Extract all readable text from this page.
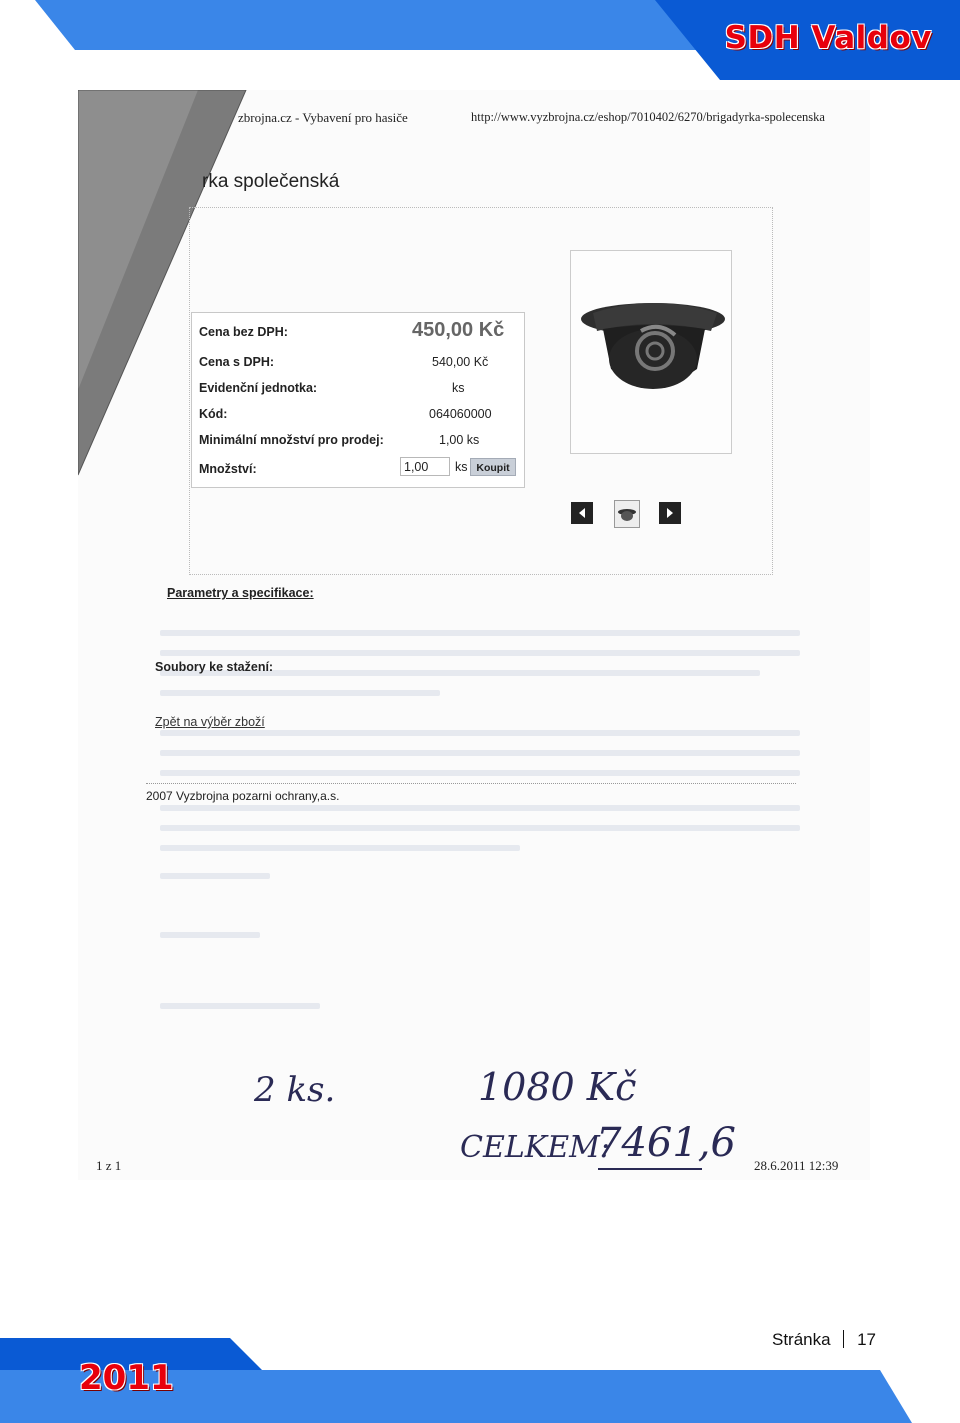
SDH Valdov
zbrojna.cz - Vybavení pro hasiče	http://www.vyzbrojna.cz/eshop/7010402/6270/brigadyrka-spolecenska
rka společenská
Cena bez DPH:	450,00 Kč
Cena s DPH:	540,00 Kč
Evidenční jednotka:	ks
Kód:	064060000
Minimální množství pro prodej:	1,00 ks
Množství:	1,00	ks Koupit
Parametry a specifikace:
Soubory ke stažení:
Zpět na výběr zboží
2007 Vyzbrojna pozarni ochrany,a.s.
2 ks.	1080 Kč
CELKEM:
7461,6
1 z 1	28.6.2011 12:39
Stránka 17
2011
